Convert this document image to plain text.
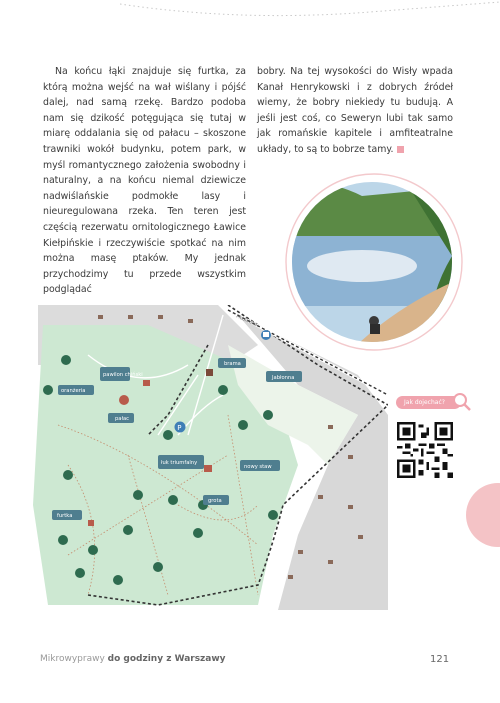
Na końcu łąki znajduje się furtka, za którą można wejść na wał wiślany i pójść dalej, nad samą rzekę. Bardzo podoba nam się dzikość potęgująca się tutaj w miarę oddalania się od pałacu – skoszone trawniki wokół budynku, potem park, w myśl romantycznego założenia swobodny i naturalny, a na końcu niemal dziewicze nadwiślańskie podmokłe lasy i nieuregulowana rzeka. Ten teren jest częścią rezerwatu ornitologicznego Ławice Kiełpińskie i rzeczywiście spotkać na nim można masę ptaków. My jednak przychodzimy tu przede wszystkim podglądać

bobry. Na tej wysokości do Wisły wpada Kanał Henrykowski i z dobrych źródeł wiemy, że bobry niekiedy tu budują. A jeśli jest coś, co Seweryn lubi tak samo jak romańskie kapitele i amfiteatralne układy, to są to bobrze tamy.

Modlińska
pawilon chiński
brama
Jabłonna
oranżeria
pałac
łuk triumfalny
nowy staw
grota
furtka
P
Jak dojechać?
Mikrowyprawy do godziny z Warszawy	121
